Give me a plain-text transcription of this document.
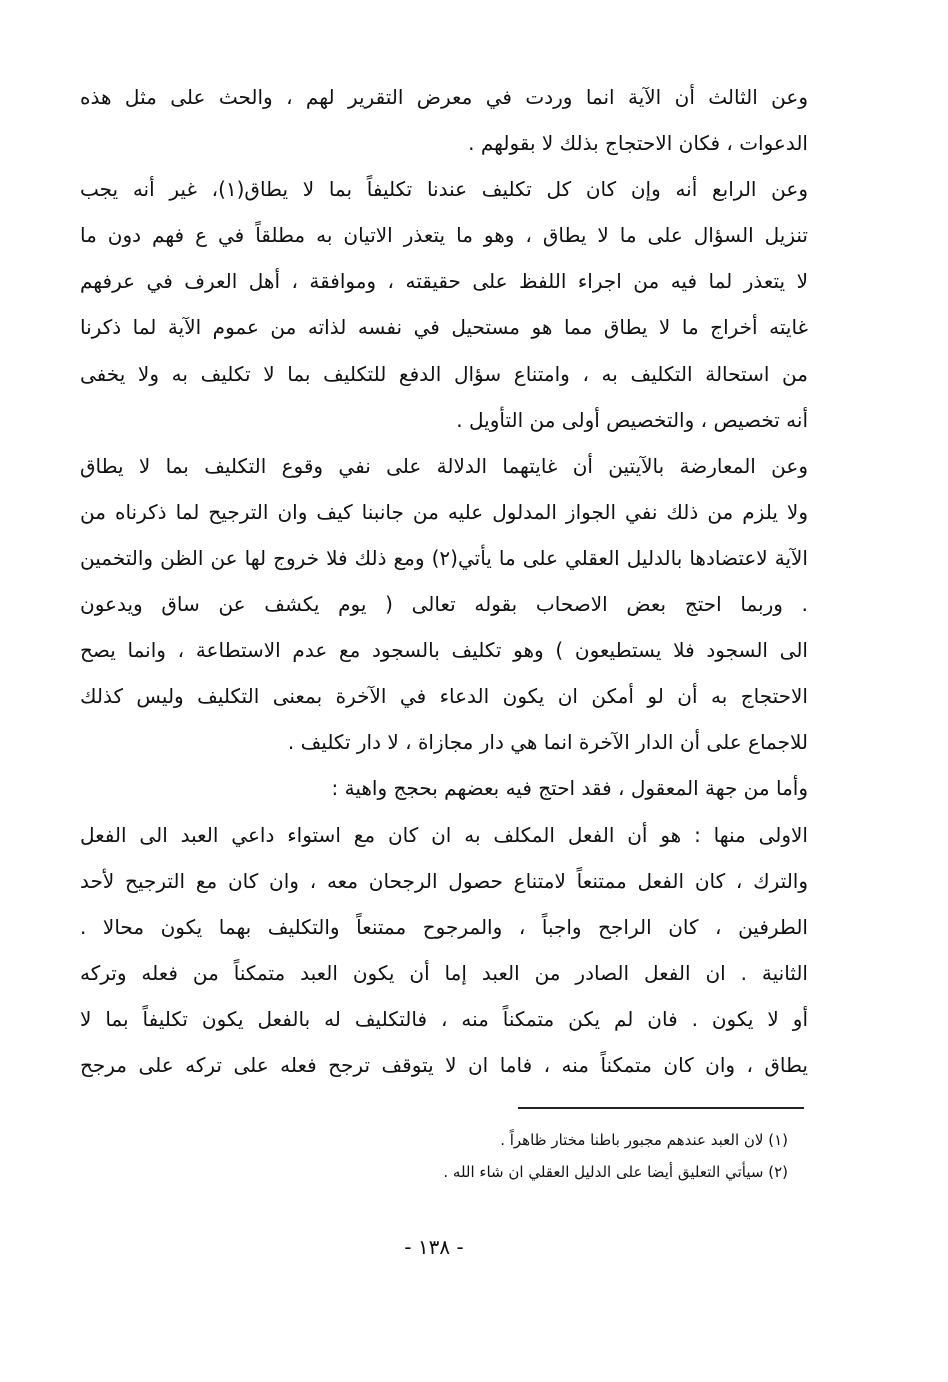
وعن الثالث أن الآية انما وردت في معرض التقرير لهم ، والحث على مثل هذه
الدعوات ، فكان الاحتجاج بذلك لا بقولهم .
وعن الرابع أنه وإن كان كل تكليف عندنا تكليفاً بما لا يطاق(١)، غير أنه يجب
تنزيل السؤال على ما لا يطاق ، وهو ما يتعذر الاتيان به مطلقاً في ع فهم دون ما
لا يتعذر لما فيه من اجراء اللفظ على حقيقته ، وموافقة ، أهل العرف في عرفهم
غايته أخراج ما لا يطاق مما هو مستحيل في نفسه لذاته من عموم الآية لما ذكرنا
من استحالة التكليف به ، وامتناع سؤال الدفع للتكليف بما لا تكليف به ولا يخفى
أنه تخصيص ، والتخصيص أولى من التأويل .
وعن المعارضة بالآيتين أن غايتهما الدلالة على نفي وقوع التكليف بما لا يطاق
ولا يلزم من ذلك نفي الجواز المدلول عليه من جانبنا كيف وان الترجيح لما ذكرناه من
الآية لاعتضادها بالدليل العقلي على ما يأتي(٢) ومع ذلك فلا خروج لها عن الظن والتخمين
. وربما احتج بعض الاصحاب بقوله تعالى ( يوم يكشف عن ساق ويدعون
الى السجود فلا يستطيعون ) وهو تكليف بالسجود مع عدم الاستطاعة ، وانما يصح
الاحتجاج به أن لو أمكن ان يكون الدعاء في الآخرة بمعنى التكليف وليس كذلك
للاجماع على أن الدار الآخرة انما هي دار مجازاة ، لا دار تكليف .
وأما من جهة المعقول ، فقد احتج فيه بعضهم بحجج واهية :
الاولى منها : هو أن الفعل المكلف به ان كان مع استواء داعي العبد الى الفعل
والترك ، كان الفعل ممتنعاً لامتناع حصول الرجحان معه ، وان كان مع الترجيح لأحد
الطرفين ، كان الراجح واجباً ، والمرجوح ممتنعاً والتكليف بهما يكون محالا .
الثانية . ان الفعل الصادر من العبد إما أن يكون العبد متمكناً من فعله وتركه
أو لا يكون . فان لم يكن متمكناً منه ، فالتكليف له بالفعل يكون تكليفاً بما لا
يطاق ، وان كان متمكناً منه ، فاما ان لا يتوقف ترجح فعله على تركه على مرجح
(١) لان العبد عندهم مجبور باطنا مختار ظاهراً .
(٢) سيأتي التعليق أيضا على الدليل العقلي ان شاء الله .
- ١٣٨ -
